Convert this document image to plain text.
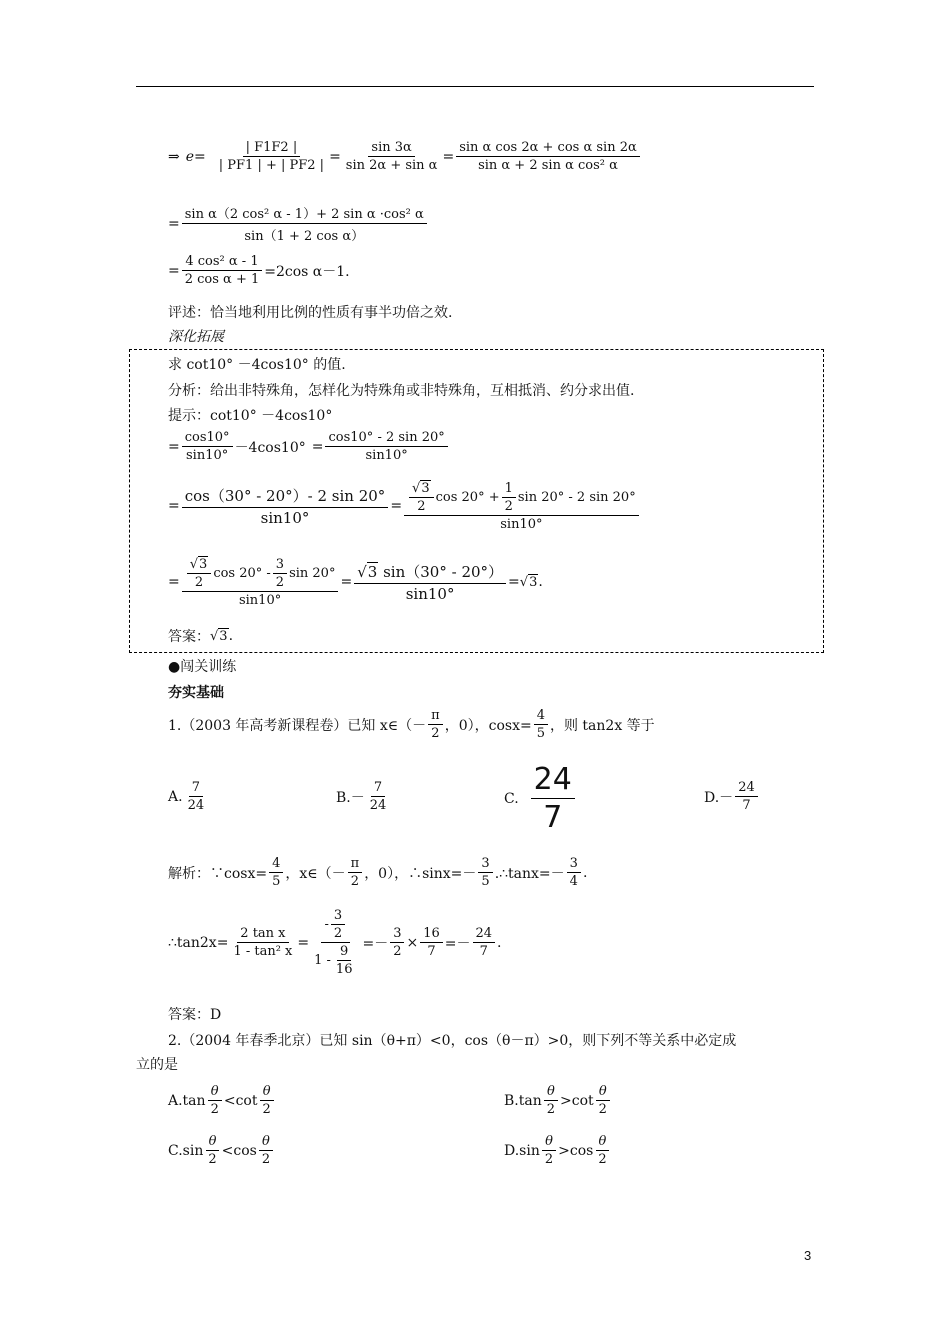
⇒ $e = \frac{| F1F2 |}{| PF1 | + | PF2 |} = \frac{\sin 3\alpha}{\text{sin 2α + sin α}} = \frac{\text{sin α cos 2α + cos α sin 2α}}{\text{sin α + 2 sin α cos² α}}$
= $\frac{\text{sin α（2 cos² α - 1）+ 2 sin α ·cos² α}}{\text{sin（1 + 2 cos α）}}$
= $\frac{\text{4 cos² α - 1}}{\text{2 cos α + 1}} =2\cos$ α－1.
评述：恰当地利用比例的性质有事半功倍之效.
深化拓展
求 cot10° －4cos10° 的值.
分析：给出非特殊角，怎样化为特殊角或非特殊角，互相抵消、约分求出值.
提示：cot10° －4cos10°
= $\frac{\cos 10^\circ}{\sin 10^\circ} -4\cos 10^\circ = \frac{\cos 10^\circ - 2 \sin 20^\circ}{\sin 10^\circ}$
= $\frac{\cos(30^\circ - 20^\circ)- 2 \sin 20^\circ}{\sin 10^\circ} = \frac{√ 3}{2}$ $\cos 20^\circ + \frac{1}{2}$ sin 20° - 2 sin 20°
sin10°
= $\frac{√ 3}{2}$ $\cos 20^\circ - \frac{3}{2}$ sin 20°
sin10°
= $\frac{√ 3 \sin(30^\circ - 20^\circ)}{\sin 10^\circ}$ = √ 3 .
答案： √ 3 .
●闯关训练
夯实基础
1.（2003 年高考新课程卷）已知 x∈（－ $\frac{\pi}{2}$ ，0），$\cos x= \frac{4}{5}$ ，则 tan2x 等于
A. $\frac{7}{24}$	$B.- \frac{7}{24}$	C. $\frac{24}{7}$	$D.- \frac{24}{7}$
解析：∵cosx= $\frac{4}{5}$ ，x∈（－ $\frac{\pi}{2}$ ，0），∴sinx=－ $\frac{3}{5}$ .∴tanx=－ $\frac{3}{4}$ .
∴tan2x= $\frac{\text{2 tan x}}{\text{1 - tan² x}} = \frac{- \frac{3}{2}}{1 - \frac{9}{16}} =- \frac{3}{2} \times \frac{16}{7} =- \frac{24}{7}$ .
答案：D
2.（2004 年春季北京）已知 sin（θ+π）<0，cos（θ－π）>0，则下列不等关系中必定成
立的是
$A.\tan \frac{\theta}{2} <\cot \frac{\theta}{2}$	$B.\tan \frac{\theta}{2} >\cot \frac{\theta}{2}$
$C.\sin \frac{\theta}{2} <\cos \frac{\theta}{2}$	$D.\sin \frac{\theta}{2} >\cos \frac{\theta}{2}$
3
